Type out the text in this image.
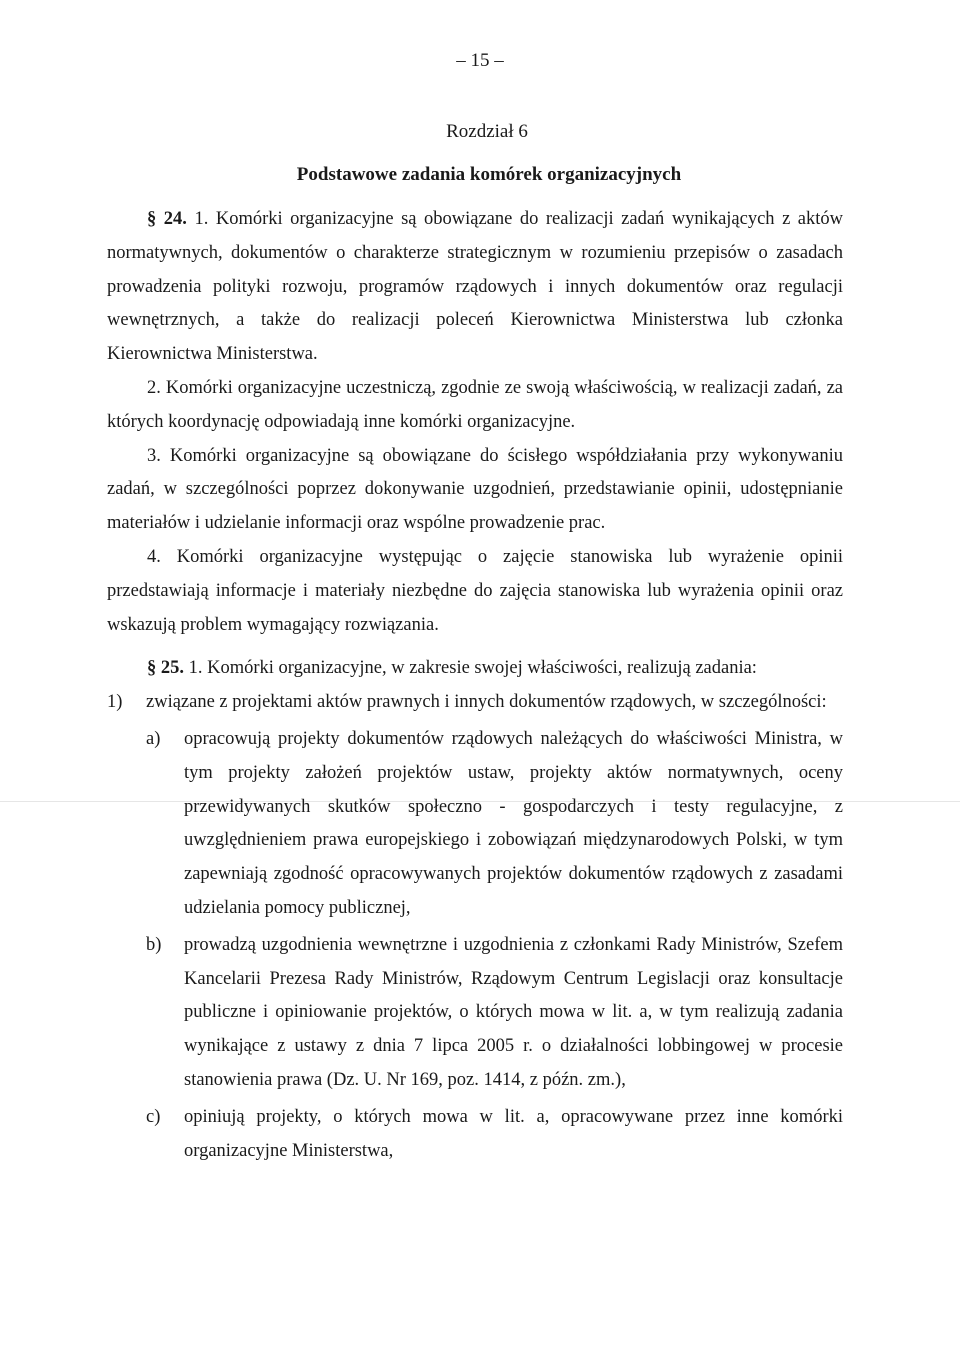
– 15 –
Rozdział 6
Podstawowe zadania komórek organizacyjnych

§ 24. 1. Komórki organizacyjne są obowiązane do realizacji zadań wynikających z aktów normatywnych, dokumentów o charakterze strategicznym w rozumieniu przepisów o zasadach prowadzenia polityki rozwoju, programów rządowych i innych dokumentów oraz regulacji wewnętrznych, a także do realizacji poleceń Kierownictwa Ministerstwa lub członka Kierownictwa Ministerstwa.

2. Komórki organizacyjne uczestniczą, zgodnie ze swoją właściwością, w realizacji zadań, za których koordynację odpowiadają inne komórki organizacyjne.

3. Komórki organizacyjne są obowiązane do ścisłego współdziałania przy wykonywaniu zadań, w szczególności poprzez dokonywanie uzgodnień, przedstawianie opinii, udostępnianie materiałów i udzielanie informacji oraz wspólne prowadzenie prac.

4. Komórki organizacyjne występując o zajęcie stanowiska lub wyrażenie opinii przedstawiają informacje i materiały niezbędne do zajęcia stanowiska lub wyrażenia opinii oraz wskazują problem wymagający rozwiązania.

§ 25. 1. Komórki organizacyjne, w zakresie swojej właściwości, realizują zadania:

1) związane z projektami aktów prawnych i innych dokumentów rządowych, w szczególności:
a) opracowują projekty dokumentów rządowych należących do właściwości Ministra, w tym projekty założeń projektów ustaw, projekty aktów normatywnych, oceny przewidywanych skutków społeczno - gospodarczych i testy regulacyjne, z uwzględnieniem prawa europejskiego i zobowiązań międzynarodowych Polski, w tym zapewniają zgodność opracowywanych projektów dokumentów rządowych z zasadami udzielania pomocy publicznej,
b) prowadzą uzgodnienia wewnętrzne i uzgodnienia z członkami Rady Ministrów, Szefem Kancelarii Prezesa Rady Ministrów, Rządowym Centrum Legislacji oraz konsultacje publiczne i opiniowanie projektów, o których mowa w lit. a, w tym realizują zadania wynikające z ustawy z dnia 7 lipca 2005 r. o działalności lobbingowej w procesie stanowienia prawa (Dz. U. Nr 169, poz. 1414, z późn. zm.),
c) opiniują projekty, o których mowa w lit. a, opracowywane przez inne komórki organizacyjne Ministerstwa,
